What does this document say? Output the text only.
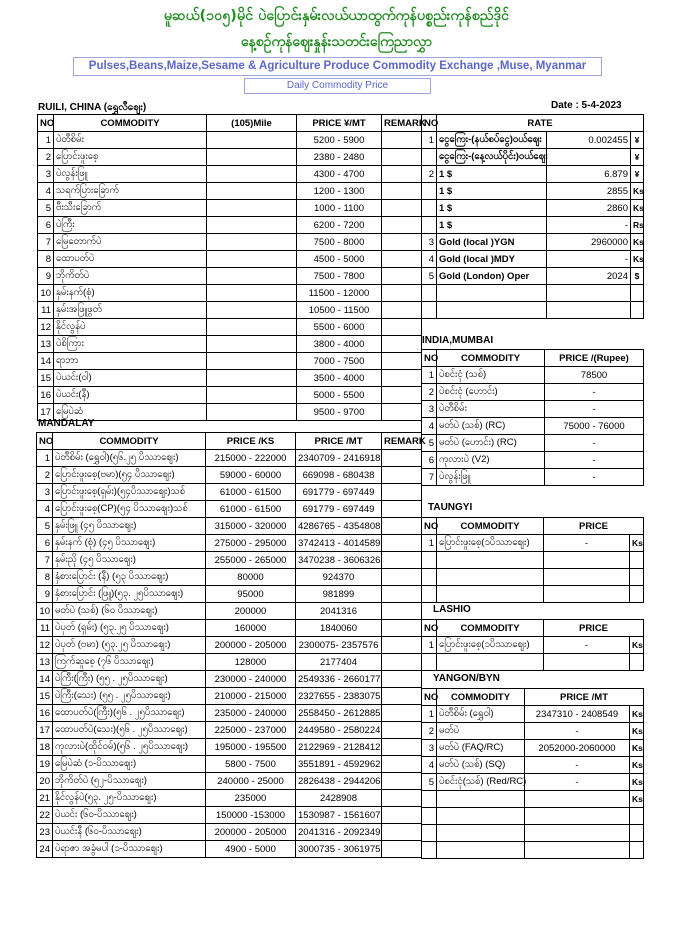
မူဆယ်(၁၀၅)မိုင် ပဲပြောင်းနှမ်းလယ်ယာထွက်ကုန်ပစ္စည်းကုန်စည်ဒိုင်
နေ့စဉ်ကုန်ဈေးနှုန်းသတင်းကြေညာလွှာ
Pulses,Beans,Maize,Sesame & Agriculture Produce Commodity Exchange ,Muse, Myanmar
Daily Commodity Price
RUILI, CHINA (ရွှေလီဈေး)	Date : 5-4-2023
NO	COMMODITY	(105)Mile	PRICE ¥/MT	REMARK
1	ပဲတီစိမ်း		5200 - 5900	
2	ပြောင်းဖူးစေ့		2380 - 2480	
3	ပဲလွန်းဖြူ		4300 - 4700	
4	သရက်ပြားခြောက်		1200 - 1300	
5	ဗီးသီးခြောက်		1000 - 1100	
6	ပဲကြီး		6200 - 7200	
7	မြေတောက်ပဲ		7500 - 8000	
8	ထောပတ်ပဲ		4500 - 5000	
9	ဘိုကိတ်ပဲ		7500 - 7800	
10	နှမ်းနက်(စုံ)		11500 - 12000	
11	နှမ်းအဖြူဖွတ်		10500 - 11500	
12	နိုင်လွန်ပဲ		5500 - 6000	
13	ပဲစိကြား		3800 - 4000	
14	ရာဘာ		7000 - 7500	
15	ပဲယင်း(ဝါ)		3500 - 4000	
16	ပဲယင်း(နီ)		5000 - 5500	
17	မြေပဲဆံ		9500 - 9700	
NO	RATE		
1	ငွေကြေး-(နယ်စပ်ငွေ)ဝယ်ဈေး	0.002455	¥
	ငွေကြေး-(နေ့လယ်ပိုင်း)ဝယ်ဈေး		¥
2	1 $	6.879	¥
	1 $	2855	Ks
	1 $	2860	Ks
	1 $	-	Rs
3	Gold (local )YGN	2960000	Ks
4	Gold (local )MDY	-	Ks
5	Gold (London) Oper	2024	$

INDIA,MUMBAI
NO	COMMODITY	PRICE /(Rupee)
1	ပဲစင်းငုံ (သစ်)	78500
2	ပဲစင်းငုံ (ဟောင်း)	-
3	ပဲတီစိမ်း	-
4	မတ်ပဲ (သစ်) (RC)	75000 - 76000
5	မတ်ပဲ (ဟောင်း) (RC)	-
6	ကုလားပဲ (V2)	-
7	ပဲလွန်းဖြူ	-
MANDALAY
NO	COMMODITY	PRICE /KS	PRICE /MT	REMARK
1	ပဲတီစိမ်း (ရွှေဝါ)(၅၆.၂၅ ပိဿာဈေး)	215000 - 222000	2340709 - 2416918	
2	ပြောင်းဖူးစေ့(ဗမာ)(၅၄ ပိဿာဈေး)	59000 - 60000	669098 - 680438	
3	ပြောင်းဖူးစေ့(ရှမ်း)(၅၄ပိဿာဈေး)သစ်	61000 - 61500	691779 - 697449	
4	ပြောင်းဖူးစေ့(CP)(၅၄ ပိဿာဈေး)သစ်	61000 - 61500	691779 - 697449	
5	နှမ်းဖြူ (၄၅ ပိဿာဈေး)	315000 - 320000	4286765 - 4354808	
6	နှမ်းနက် (စုံ) (၄၅ ပိဿာဈေး)	275000 - 295000	3742413 - 4014589	
7	နှမ်းညို (၄၅ ပိဿာဈေး)	255000 - 265000	3470238 - 3606326	
8	နှံစားပြောင်း (နီ) (၅၃ ပိဿာဈေး)	80000	924370	
9	နှံစားပြောင်း (ဖြူ)(၅၃. ၂၅ပိဿာဈေး)	95000	981899	
10	မတ်ပဲ (သစ်) (၆၀ ပိဿာဈေး)	200000	2041316	
11	ပဲပုတ် (ရှမ်း) (၅၃.၂၅ ပိဿာဈေး)	160000	1840060	
12	ပဲပုတ် (ဗမာ) (၅၃.၂၅ ပိဿာဈေး)	200000 - 205000	2300075- 2357576	
13	ကြက်ဆူစေ့ (၇၆ ပိဿာဈေး)	128000	2177404	
14	ပဲကြီး(ကြီး) (၅၅ . ၂၅ပိဿာဈေး)	230000 - 240000	2549336 - 2660177	
15	ပဲကြီး(သေး) (၅၅ . ၂၅ပိဿာဈေး)	210000 - 215000	2327655 - 2383075	
16	ထောပတ်ပဲ(ကြီး)(၅၆ . ၂၅ပိဿာဈေး)	235000 - 240000	2558450 - 2612885	
17	ထောပတ်ပဲ(သေး)(၅၆ . ၂၅ပိဿာဈေး)	225000 - 237000	2449580 - 2580224	
18	ကုလားပဲ(ထိုင်ဝမ်)(၅၆ . ၂၅ပိဿာဈေး)	195000 - 195500	2122969 - 2128412	
19	မြေပဲဆံ (၁-ပိဿာဈေး)	5800 - 7500	3551891 - 4592962	
20	ဘိုကိတ်ပဲ (၅၂-ပိဿာဈေး)	240000 - 25000	2826438 - 2944206	
21	နိုင်လွန်ပဲ(၅၃. ၂၅-ပိဿာဈေး)	235000	2428908	
22	ပဲယင်း (၆၀-ပိဿာဈေး)	150000 -153000	1530987 - 1561607	
23	ပဲယင်းနီ (၆၀-ပိဿာဈေး)	200000 - 205000	2041316 - 2092349	
24	ပဲရာဇာ အခွံမပါ (၁-ပိဿာဈေး)	4900 - 5000	3000735 - 3061975	
TAUNGYI
NO	COMMODITY	PRICE	
1	ပြောင်းဖူးစေ့(၁ပိဿာဈေး)	-	Ks

LASHIO
NO	COMMODITY	PRICE	
1	ပြောင်းဖူးစေ့(၁ပိဿာဈေး)	-	Ks

YANGON/BYN
NO	COMMODITY	PRICE /MT	
1	ပဲတီစိမ်း (ရွှေဝါ)	2347310 - 2408549	Ks
2	မတ်ပဲ	-	Ks
3	မတ်ပဲ (FAQ/RC)	2052000-2060000	Ks
4	မတ်ပဲ (သစ်) (SQ)	-	Ks
5	ပဲစင်းငုံ(သစ်) (Red/RC)	-	Ks
			Ks
